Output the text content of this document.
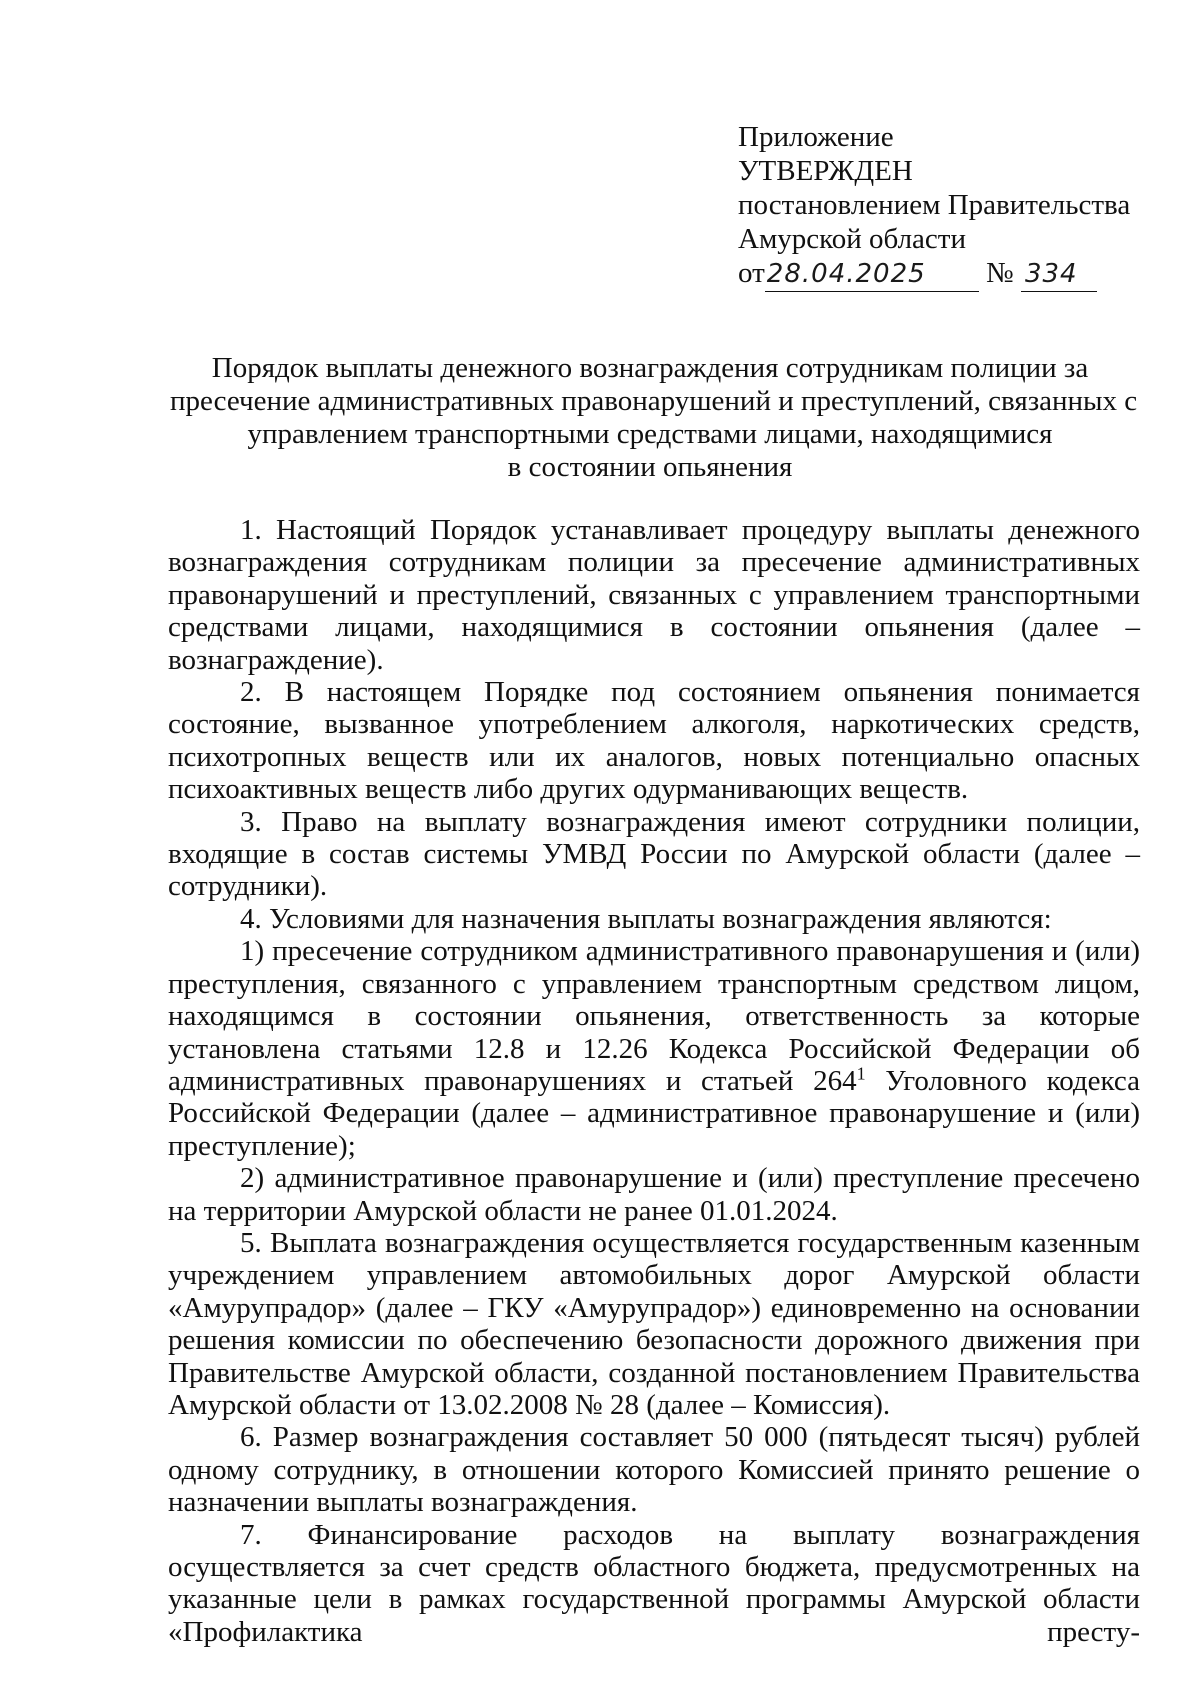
Приложение
УТВЕРЖДЕН
постановлением Правительства
Амурской области
от28.04.2025 № 334
Порядок выплаты денежного вознаграждения сотрудникам полиции за
пресечение административных правонарушений и преступлений, связанных с
управлением транспортными средствами лицами, находящимися
в состоянии опьянения

1. Настоящий Порядок устанавливает процедуру выплаты денежного вознаграждения сотрудникам полиции за пресечение административных правонарушений и преступлений, связанных с управлением транспортными средствами лицами, находящимися в состоянии опьянения (далее – вознаграждение).

2. В настоящем Порядке под состоянием опьянения понимается состояние, вызванное употреблением алкоголя, наркотических средств, психотропных веществ или их аналогов, новых потенциально опасных психоактивных веществ либо других одурманивающих веществ.

3. Право на выплату вознаграждения имеют сотрудники полиции, входящие в состав системы УМВД России по Амурской области (далее – сотрудники).

4. Условиями для назначения выплаты вознаграждения являются:

1) пресечение сотрудником административного правонарушения и (или) преступления, связанного с управлением транспортным средством лицом, находящимся в состоянии опьянения, ответственность за которые установлена статьями 12.8 и 12.26 Кодекса Российской Федерации об административных правонарушениях и статьей $264^1$ Уголовного кодекса Российской Федерации (далее – административное правонарушение и (или) преступление);

2) административное правонарушение и (или) преступление пресечено на территории Амурской области не ранее 01.01.2024.

5. Выплата вознаграждения осуществляется государственным казенным учреждением управлением автомобильных дорог Амурской области «Амурупрадор» (далее – ГКУ «Амурупрадор») единовременно на основании решения комиссии по обеспечению безопасности дорожного движения при Правительстве Амурской области, созданной постановлением Правительства Амурской области от 13.02.2008 № 28 (далее – Комиссия).

6. Размер вознаграждения составляет 50 000 (пятьдесят тысяч) рублей одному сотруднику, в отношении которого Комиссией принято решение о назначении выплаты вознаграждения.

7. Финансирование расходов на выплату вознаграждения осуществляется за счет средств областного бюджета, предусмотренных на указанные цели в рамках государственной программы Амурской области «Профилактика престу-
